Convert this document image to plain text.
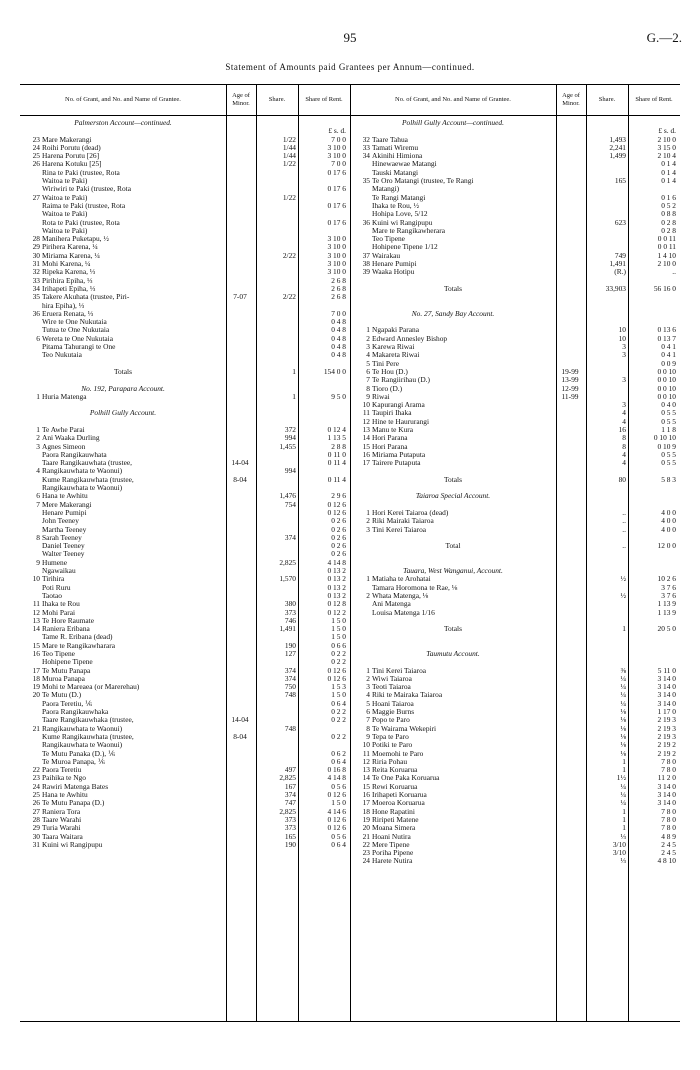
95	G.—2.
Statement of Amounts paid Grantees per Annum—continued.
No. of Grant, and No. and Name of Grantee.
Age of Minor.
Share.	Share of Rent.
Palmerston Account—continued.
£ s. d.
23 Mare Makerangi	1/22	7 0 0
24 Roihi Porutu (dead)	1/44	3 10 0
25 Harena Porutu [26]	1/44	3 10 0
26 Harena Kotuku [25]	1/22	7 0 0
Rina te Paki (trustee, Rota	0 17 6
Waitoa te Paki)
Wiriwiri te Paki (trustee, Rota	0 17 6
27 Waitoa te Paki)	1/22
Raima te Paki (trustee, Rota	0 17 6
Waitoa te Paki)
Rota te Paki (trustee, Rota	0 17 6
Waitoa te Paki)
28 Manihera Puketapu, ½	3 10 0
29 Pirihera Karena, ¼	3 10 0
30 Miriama Karena, ¼	2/22	3 10 0
31 Mohi Karena, ¼	3 10 0
32 Ripeka Karena, ⅓	3 10 0
33 Pirihira Epiha, ⅓	2 6 8
34 Irihapeti Epiha, ⅓	2 6 8
35 Takere Akuhata (trustee, Piri-	7-07	2/22	2 6 8
hira Epiha), ⅓
36 Eruera Renata, ⅓	7 0 0
Wire te One Nukutaia	0 4 8
Tutua te One Nukutaia	0 4 8
6 Wereta te One Nukutaia	0 4 8
Pitama Tahurangi te One	0 4 8
Teo Nukutaia	0 4 8
Totals	1	154 0 0
No. 192, Parapara Account.
1 Huria Matenga	1	9 5 0
Polhill Gully Account.
1 Te Awhe Parai	372	0 12 4
2 Ani Waaka Durling	994	1 13 5
3 Agnes Simeon	1,455	2 8 8
Paora Rangikauwhata	0 11 0
Taare Rangikauwhata (trustee,	14-04	0 11 4
4 Rangikauwhata te Waonui)	994
Kume Rangikauwhata (trustee,	8-04	0 11 4
Rangikauwhata te Waonui)
6 Hana te Awhitu	1,476	2 9 6
7 Mere Makerangi	754	0 12 6
Henare Pumipi	0 12 6
John Teeney	0 2 6
Martha Teeney	0 2 6
8 Sarah Teeney	374	0 2 6
Daniel Teeney	0 2 6
Walter Teeney	0 2 6
9 Humene	2,825	4 14 8
Ngawaikau	0 13 2
10 Tirihira	1,570	0 13 2
Poti Ruru	0 13 2
Taotao	0 13 2
11 Ihaka te Rou	380	0 12 8
12 Mohi Parai	373	0 12 2
13 Te Hore Raumate	746	1 5 0
14 Raniera Eribana	1,491	1 5 0
Tame R. Eribana (dead)	1 5 0
15 Mare te Rangikawharara	190	0 6 6
16 Teo Tipene	127	0 2 2
Hohipene Tipene	0 2 2
17 Te Mutu Panapa	374	0 12 6
18 Muroa Panapa	374	0 12 6
19 Mohi te Mareaea (or Marerehau)	750	1 5 3
20 Te Mutu (D.)	748	1 5 0
Paora Teretiu, ⅙	0 6 4
Paora Rangikauwhaka	0 2 2
Taare Rangikauwhaka (trustee,	14-04	0 2 2
21 Rangikauwhata te Waonui)	748
Kume Rangikauwhata (trustee,	8-04	0 2 2
Rangikauwhata te Waonui)
Te Mutu Panaka (D.), ⅙	0 6 2
Te Muroa Panapa, ⅙	0 6 4
22 Paora Teretiu	497	0 16 8
23 Paihika te Ngo	2,825	4 14 8
24 Rawiri Matenga Bates	167	0 5 6
25 Hana te Awhitu	374	0 12 6
26 Te Mutu Panapa (D.)	747	1 5 0
27 Raniera Tora	2,825	4 14 6
28 Taare Warahi	373	0 12 6
29 Turia Warahi	373	0 12 6
30 Taara Waitara	165	0 5 6
31 Kuini wi Rangipupu	190	0 6 4
No. of Grant, and No. and Name of Grantee.
Age of Minor.
Share.	Share of Rent.
Polhill Gully Account—continued.
£ s. d.
32 Taare Tahua	1,493	2 10 0
33 Tamati Wiremu	2,241	3 15 0
34 Akinihi Himiona	1,499	2 10 4
Hinewaewae Matangi	0 1 4
Tauski Matangi	0 1 4
35 Te Oro Matangi (trustee, Te Rangi	165	0 1 4
Matangi)
Te Rangi Matangi	0 1 6
Ihaka te Rou, ½	0 5 2
Hohipa Love, 5/12	0 8 8
36 Kuini wi Rangipupu	623	0 2 8
Mare te Rangikawherara	0 2 8
Teo Tipene	0 0 11
Hohipene Tipene 1/12	0 0 11
37 Wairakau	749	1 4 10
38 Henare Pumipi	1,491	2 10 0
39 Waaka Hotipu	(R.)	..
Totals	33,903	56 16 0
No. 27, Sandy Bay Account.
1 Ngapaki Parana	10	0 13 6
2 Edward Annesley Bishop	10	0 13 7
3 Karewa Riwai	3	0 4 1
4 Makareta Riwai	3	0 4 1
5 Tini Pere	0 0 9
6 Te Hou (D.)	19-99	0 0 10
7 Te Rangiirihau (D.)	13-99	3	0 0 10
8 Tioro (D.)	12-99	0 0 10
9 Riwai	11-99	0 0 10
10 Kapurangi Arama	3	0 4 0
11 Taupiri Ihaka	4	0 5 5
12 Hine te Haururangi	4	0 5 5
13 Manu te Kura	16	1 1 8
14 Hori Parana	8	0 10 10
15 Hori Parana	8	0 10 9
16 Miriama Putaputa	4	0 5 5
17 Tairere Putaputa	4	0 5 5
Totals	80	5 8 3
Taiaroa Special Account.
1 Hori Kerei Taiaroa (dead)	..	4 0 0
2 Riki Mairaki Taiaroa	..	4 0 0
3 Tini Kerei Taiaroa	..	4 0 0
Total	..	12 0 0
Tauara, West Wanganui, Account.
1 Matiaha te Arohatai	½	10 2 6
Tamara Horomona te Rae, ⅛	3 7 6
2 Whata Matenga, ⅛	½	3 7 6
Ani Matenga	1 13 9
Louisa Matenga 1/16	1 13 9
Totals	1	20 5 0
Taumutu Account.
1 Tini Kerei Taiaroa	⅜	5 11 0
2 Wiwi Taiaroa	¼	3 14 0
3 Teoti Taiaroa	¼	3 14 0
4 Riki te Mairaka Taiaroa	¼	3 14 0
5 Hoani Taiaroa	¼	3 14 0
6 Maggie Burns	⅛	1 17 0
7 Popo te Paro	⅛	2 19 3
8 Te Wairama Wekepiri	⅛	2 19 3
9 Tepa te Paro	⅛	2 19 3
10 Potiki te Paro	⅛	2 19 2
11 Moemohi te Paro	⅛	2 19 2
12 Riria Pohau	1	7 8 0
13 Reita Koruarua	1	7 8 0
14 Te One Paka Koruarua	1½	11 2 0
15 Rewi Koruarua	¼	3 14 0
16 Irihapeti Koruarua	¼	3 14 0
17 Moeroa Koruarua	¼	3 14 0
18 Hone Rapatini	1	7 8 0
19 Riripeti Matene	1	7 8 0
20 Moana Simera	1	7 8 0
21 Hoani Nutira	⅓	4 8 9
22 Mere Tipene	3/10	2 4 5
23 Poriha Pipene	3/10	2 4 5
24 Harete Nutira	⅓	4 8 10
